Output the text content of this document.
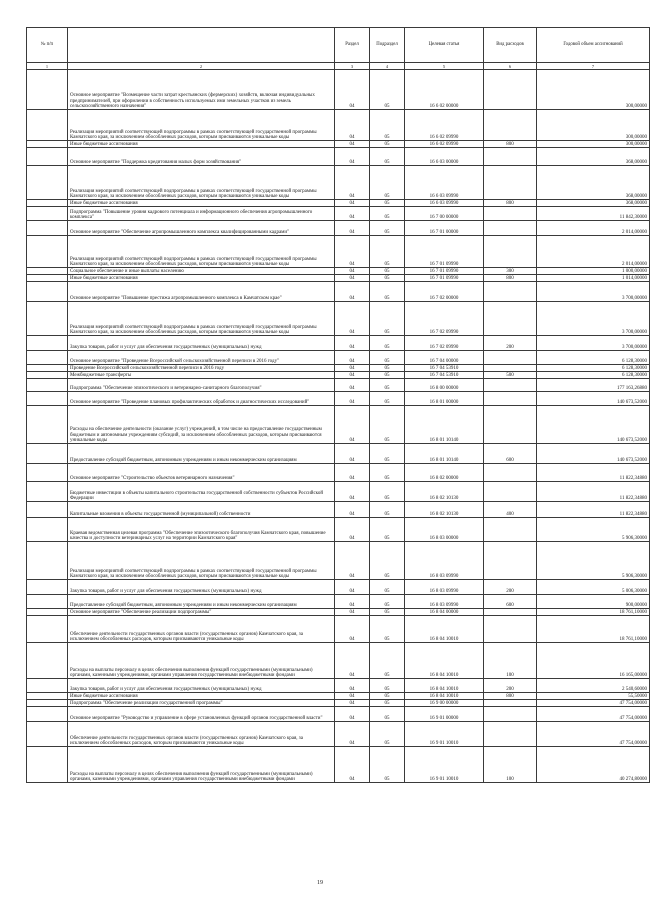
№ п/п		Раздел	Подраздел	Целевая статья	Вид расходов	Годовой объем ассигнований
1	2	3	4	5	6	7
	Основное мероприятие "Возмещение части затрат крестьянских (фермерских) хозяйств, включая индивидуальных предпринимателей, при оформлении в собственность используемых ими земельных участков из земель сельскохозяйственного назначения"	04	05	16 6 02 00000		300,00000
	Реализация мероприятий соответствующей подпрограммы в рамках соответствующей государственной программы Камчатского края, за исключением обособленных расходов, которым присваиваются уникальные коды	04	05	16 6 02 09990		300,00000
	Иные бюджетные ассигнования	04	05	16 6 02 09990	800	300,00000
	Основное мероприятие "Поддержка кредитования малых форм хозяйствования"	04	05	16 6 03 00000		368,00000
	Реализация мероприятий соответствующей подпрограммы в рамках соответствующей государственной программы Камчатского края, за исключением обособленных расходов, которым присваиваются уникальные коды	04	05	16 6 03 09990		368,00000
	Иные бюджетные ассигнования	04	05	16 6 03 09990	800	368,00000
	Подпрограмма "Повышение уровня кадрового потенциала и информационного обеспечения агропромышленного комплекса"	04	05	16 7 00 00000		11 842,30000
	Основное мероприятие "Обеспечение агропромышленного комплекса квалифицированными кадрами"	04	05	16 7 01 00000		2 014,00000
	Реализация мероприятий соответствующей подпрограммы в рамках соответствующей государственной программы Камчатского края, за исключением обособленных расходов, которым присваиваются уникальные коды	04	05	16 7 01 09990		2 014,00000
	Социальное обеспечение и иные выплаты населению	04	05	16 7 01 09990	300	1 000,00000
	Иные бюджетные ассигнования	04	05	16 7 01 09990	800	1 014,00000
	Основное мероприятие "Повышение престижа агропромышленного комплекса в Камчатском крае"	04	05	16 7 02 00000		3 700,00000
	Реализация мероприятий соответствующей подпрограммы в рамках соответствующей государственной программы Камчатского края, за исключением обособленных расходов, которым присваиваются уникальные коды	04	05	16 7 02 09990		3 700,00000
	Закупка товаров, работ и услуг для обеспечения государственных (муниципальных) нужд	04	05	16 7 02 09990	200	3 700,00000
	Основное мероприятие "Проведение Всероссийской сельскохозяйственной переписи в 2016 году"	04	05	16 7 04 00000		6 128,30000
	Проведение Всероссийской сельскохозяйственной переписи в 2016 году	04	05	16 7 04 53910		6 128,30000
	Межбюджетные трансферты	04	05	16 7 04 53910	500	6 128,30000
	Подпрограмма "Обеспечение эпизоотического и ветеринарно-санитарного благополучия"	04	05	16 8 00 00000		177 163,26880
	Основное мероприятие "Проведение плановых профилактических обработок и диагностических исследований"	04	05	16 8 01 00000		140 673,52000
	Расходы на обеспечение деятельности (оказание услуг) учреждений, в том числе на предоставление государственным бюджетным и автономным учреждениям субсидий, за исключением обособленных расходов, которым присваиваются уникальные коды	04	05	16 8 01 10140		140 673,52000
	Предоставление субсидий бюджетным, автономным учреждениям и иным некоммерческим организациям	04	05	16 8 01 10140	600	140 673,52000
	Основное мероприятие "Строительство объектов ветеринарного назначения"	04	05	16 8 02 00000		11 822,34880
	Бюджетные инвестиции в объекты капитального строительства государственной собственности субъектов Российской Федерации	04	05	16 8 02 10130		11 822,34880
	Капитальные вложения в объекты государственной (муниципальной) собственности	04	05	16 8 02 10130	400	11 822,34880
	Краевая ведомственная целевая программа "Обеспечение эпизоотического благополучия Камчатского края, повышение качества и доступности ветеринарных услуг на территории Камчатского края"	04	05	16 8 03 00000		5 906,30000
	Реализация мероприятий соответствующей подпрограммы в рамках соответствующей государственной программы Камчатского края, за исключением обособленных расходов, которым присваиваются уникальные коды	04	05	16 8 03 09990		5 906,30000
	Закупка товаров, работ и услуг для обеспечения государственных (муниципальных) нужд	04	05	16 8 03 09990	200	5 006,30000
	Предоставление субсидий бюджетным, автономным учреждениям и иным некоммерческим организациям	04	05	16 8 03 09990	600	900,00000
	Основное мероприятие "Обеспечение реализации подпрограммы"	04	05	16 8 04 00000		18 761,10000
	Обеспечение деятельности государственных органов власти (государственных органов) Камчатского края, за исключением обособленных расходов, которым присваиваются уникальные коды	04	05	16 8 04 10010		18 761,10000
	Расходы на выплаты персоналу в целях обеспечения выполнения функций государственными (муниципальными) органами, казенными учреждениями, органами управления государственными внебюджетными фондами	04	05	16 8 04 10010	100	16 165,00000
	Закупка товаров, работ и услуг для обеспечения государственных (муниципальных) нужд	04	05	16 8 04 10010	200	2 540,60000
	Иные бюджетные ассигнования	04	05	16 8 04 10010	800	55,50000
	Подпрограмма "Обеспечение реализации государственной программы"	04	05	16 9 00 00000		47 754,00000
	Основное мероприятие "Руководство и управление в сфере установленных функций органов государственной власти"	04	05	16 9 01 00000		47 754,00000
	Обеспечение деятельности государственных органов власти (государственных органов) Камчатского края, за исключением обособленных расходов, которым присваиваются уникальные коды	04	05	16 9 01 10010		47 754,00000
	Расходы на выплаты персоналу в целях обеспечения выполнения функций государственными (муниципальными) органами, казенными учреждениями, органами управления государственными внебюджетными фондами	04	05	16 9 01 10010	100	40 274,80000
19
